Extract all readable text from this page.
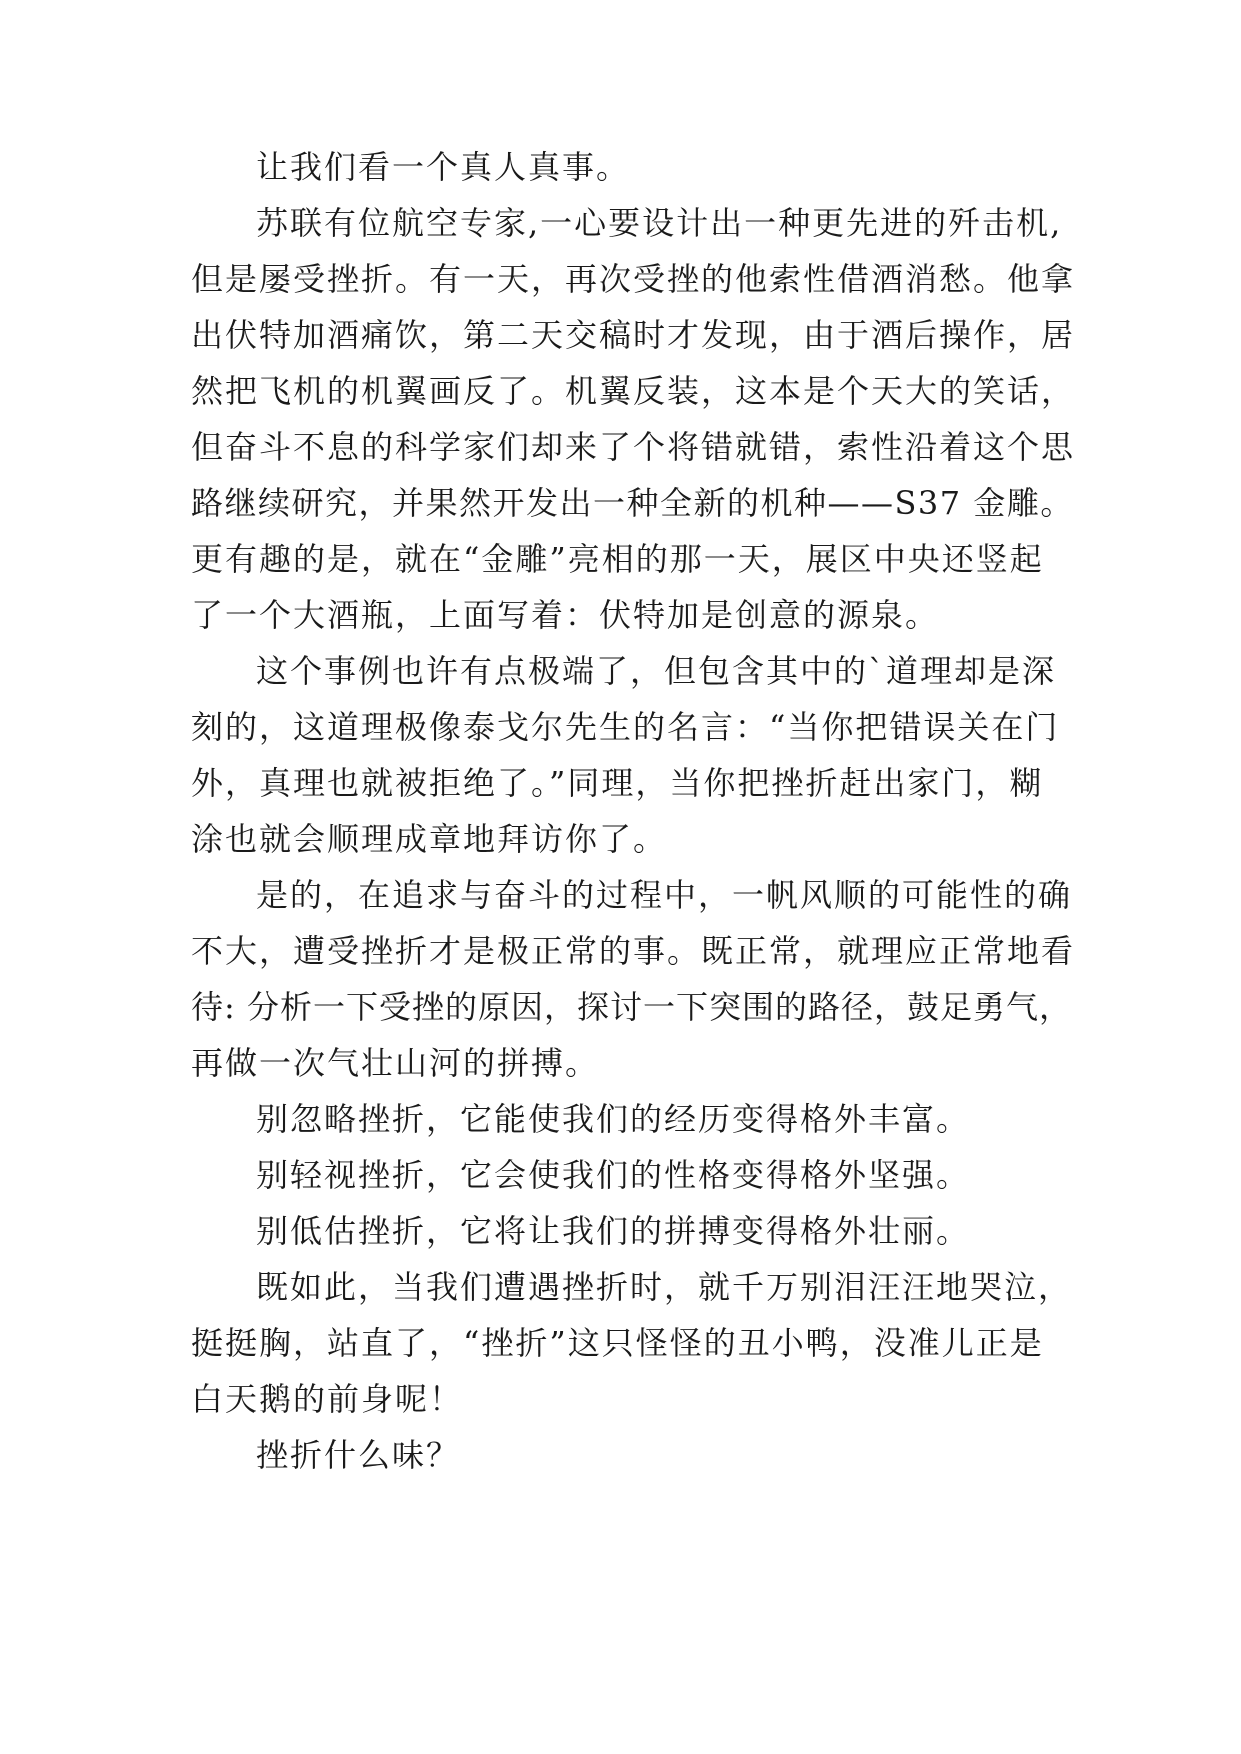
让我们看一个真人真事。

苏联有位航空专家,一心要设计出一种更先进的歼击机,

但是屡受挫折。有一天，再次受挫的他索性借酒消愁。他拿

出伏特加酒痛饮，第二天交稿时才发现，由于酒后操作，居

然把飞机的机翼画反了。机翼反装，这本是个天大的笑话，

但奋斗不息的科学家们却来了个将错就错，索性沿着这个思

路继续研究，并果然开发出一种全新的机种——S37 金雕。

更有趣的是，就在“金雕”亮相的那一天，展区中央还竖起

了一个大酒瓶，上面写着：伏特加是创意的源泉。

这个事例也许有点极端了，但包含其中的`道理却是深

刻的，这道理极像泰戈尔先生的名言：“当你把错误关在门

外，真理也就被拒绝了。”同理，当你把挫折赶出家门，糊

涂也就会顺理成章地拜访你了。

是的，在追求与奋斗的过程中，一帆风顺的可能性的确

不大，遭受挫折才是极正常的事。既正常，就理应正常地看

待: 分析一下受挫的原因，探讨一下突围的路径，鼓足勇气，

再做一次气壮山河的拼搏。

别忽略挫折，它能使我们的经历变得格外丰富。

别轻视挫折，它会使我们的性格变得格外坚强。

别低估挫折，它将让我们的拼搏变得格外壮丽。

既如此，当我们遭遇挫折时，就千万别泪汪汪地哭泣，

挺挺胸，站直了，“挫折”这只怪怪的丑小鸭，没准儿正是

白天鹅的前身呢！

挫折什么味？
